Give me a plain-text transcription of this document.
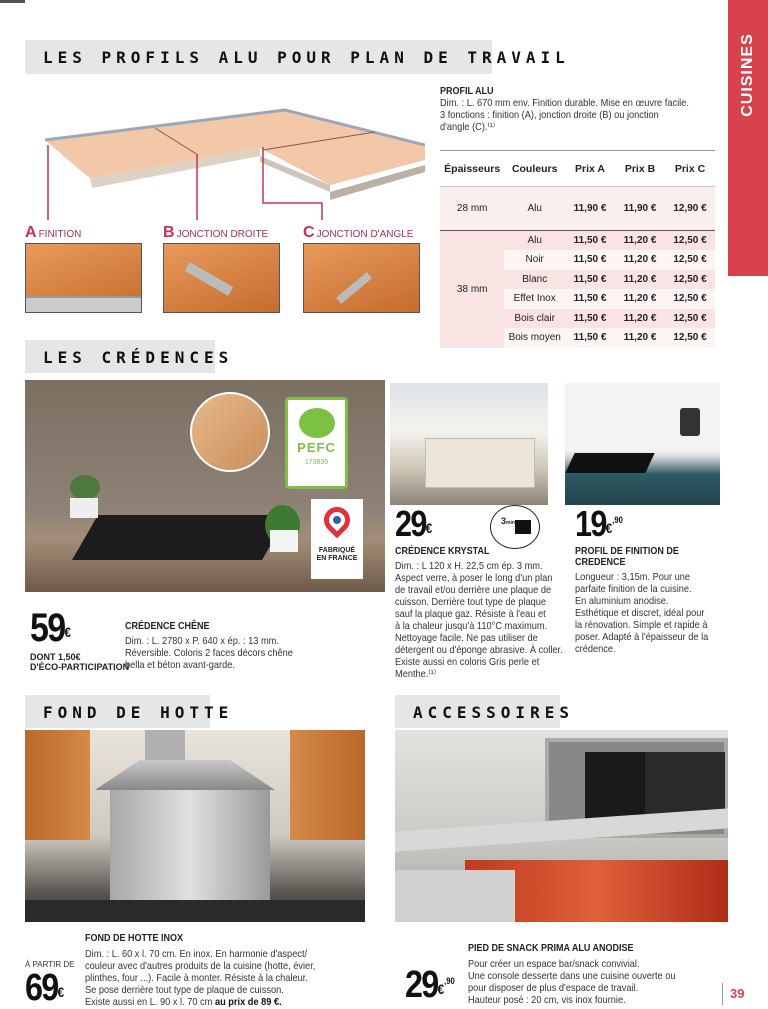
CUISINES
LES PROFILS ALU POUR PLAN DE TRAVAIL
AFINITION	BJONCTION DROITE CJONCTION D'ANGLE
PROFIL ALU
Dim. : L. 670 mm env. Finition durable. Mise en œuvre facile.
3 fonctions : finition (A), jonction droite (B) ou jonction
d'angle (C).⁽¹⁾
Épaisseurs	Couleurs	Prix A	Prix B	Prix C
28 mm	Alu	11,90 €	11,90 €	12,90 €
38 mm	Alu	11,50 €	11,20 €	12,50 €
	Noir	11,50 €	11,20 €	12,50 €
	Blanc	11,50 €	11,20 €	12,50 €
	Effet Inox	11,50 €	11,20 €	12,50 €
	Bois clair	11,50 €	11,20 €	12,50 €
	Bois moyen	11,50 €	11,20 €	12,50 €
LES CRÉDENCES
PEFC
173835
FABRIQUÉ EN FRANCE
59€
DONT 1,50€
D'ÉCO-PARTICIPATION
CRÉDENCE CHÊNE
Dim. : L. 2780 x P. 640 x ép. : 13 mm.
Réversible. Coloris 2 faces décors chêne
bella et béton avant-garde.
29€	3mm
CRÉDENCE KRYSTAL
Dim. : L 120 x H. 22,5 cm ép. 3 mm.
Aspect verre, à poser le long d'un plan
de travail et/ou derrière une plaque de
cuisson. Derrière tout type de plaque
sauf la plaque gaz. Résiste à l'eau et
à la chaleur jusqu'à 110°C maximum.
Nettoyage facile. Ne pas utiliser de
détergent ou d'éponge abrasive. À coller.
Existe aussi en coloris Gris perle et
Menthe.⁽¹⁾
19€ ,90
PROFIL DE FINITION DE
CREDENCE
Longueur : 3,15m. Pour une
parfaite finition de la cuisine.
En aluminium anodise.
Esthétique et discret, idéal pour
la rénovation. Simple et rapide à
poser. Adapté à l'épaisseur de la
crédence.
FOND DE HOTTE
À PARTIR DE
69€
FOND DE HOTTE INOX
Dim. : L. 60 x l. 70 cm. En inox. En harmonie d'aspect/
couleur avec d'autres produits de la cuisine (hotte, évier,
plinthes, four ...). Facile à monter. Résiste à la chaleur.
Se pose derrière tout type de plaque de cuisson.
Existe aussi en L. 90 x l. 70 cm au prix de 89 €.
ACCESSOIRES
29€ ,90
PIED DE SNACK PRIMA ALU ANODISE
Pour créer un espace bar/snack convivial.
Une console desserte dans une cuisine ouverte ou
pour disposer de plus d'espace de travail.
Hauteur posé : 20 cm, vis inox fournie.	39
